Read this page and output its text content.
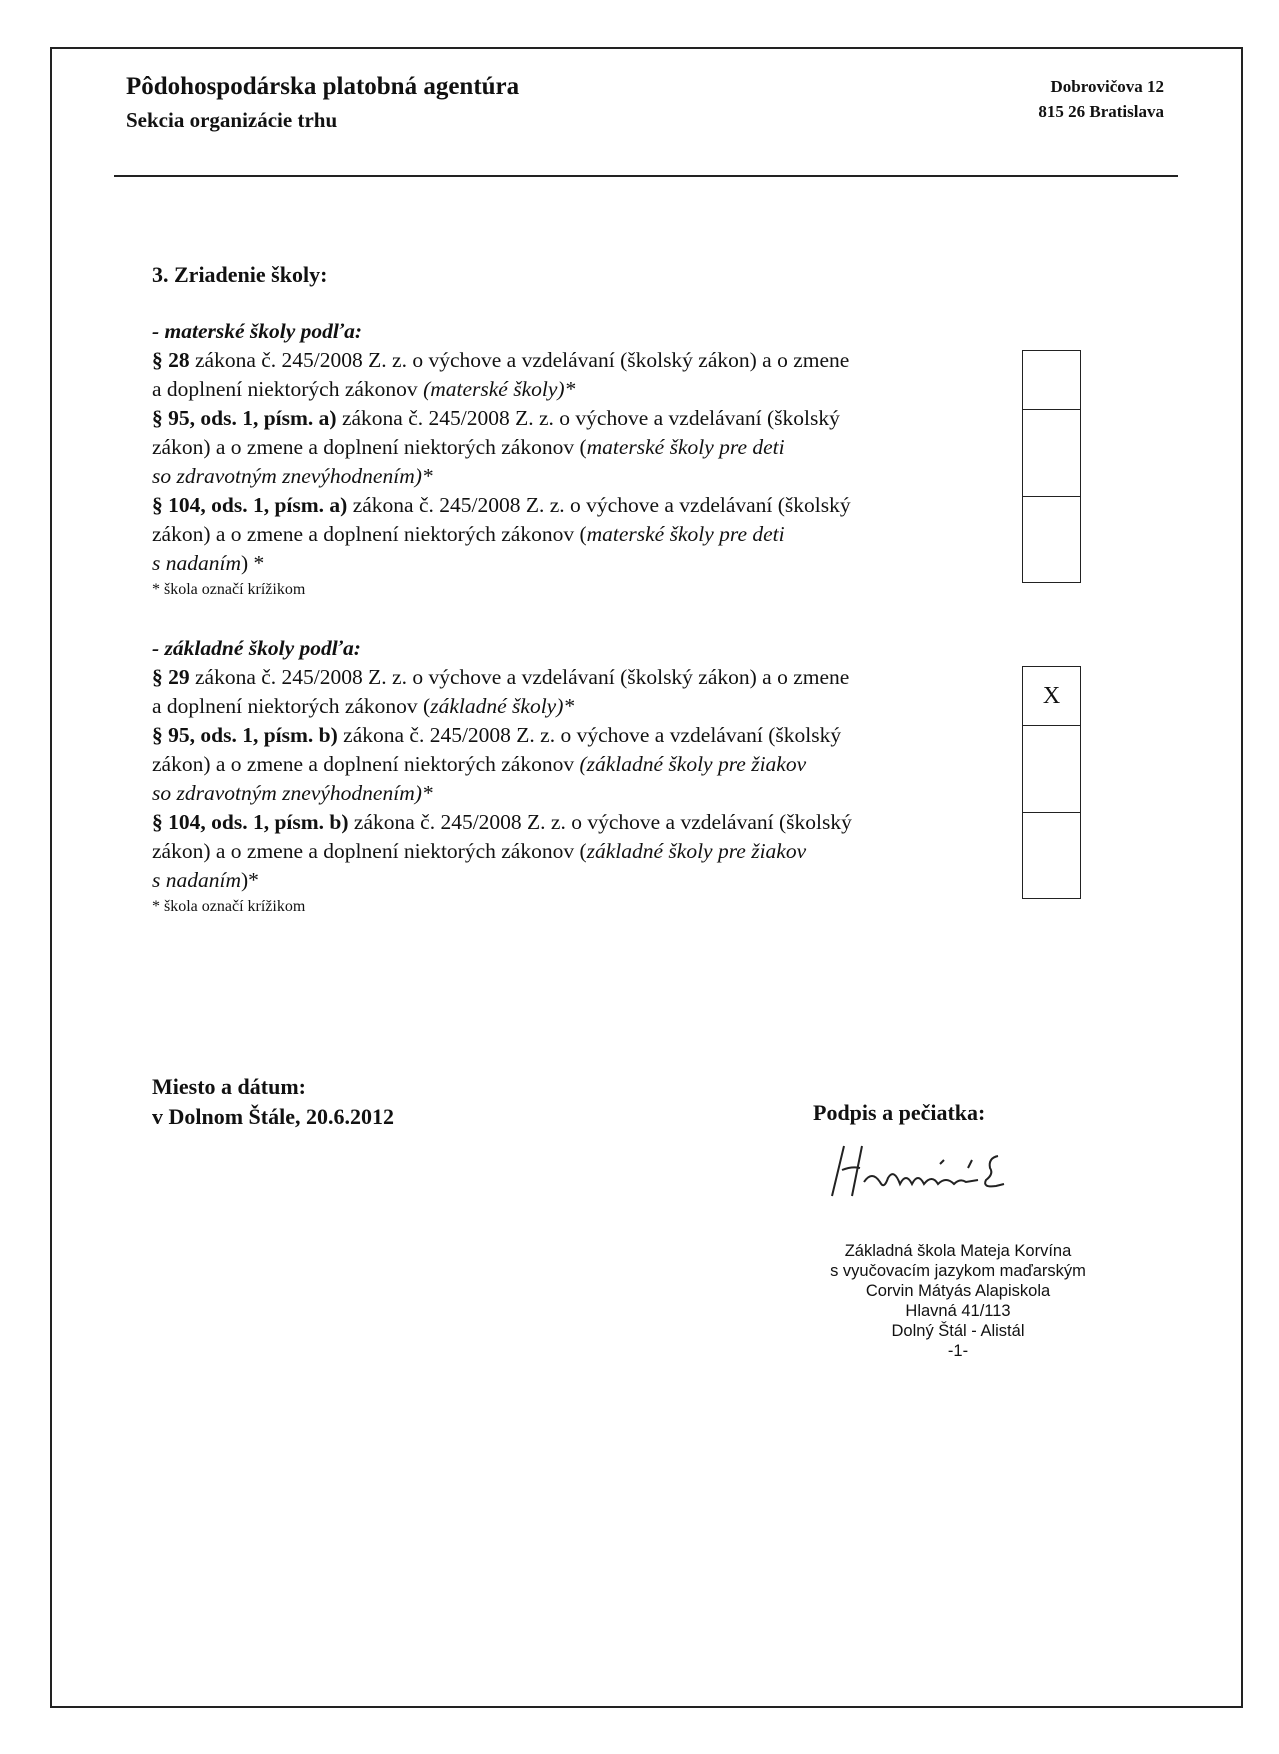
Pôdohospodárska platobná agentúra
Sekcia organizácie trhu
Dobrovičova 12
815 26 Bratislava
3. Zriadenie školy:
- materské školy podľa:
§ 28 zákona č. 245/2008 Z. z. o výchove a vzdelávaní (školský zákon) a o zmene
a doplnení niektorých zákonov (materské školy)*
§ 95, ods. 1, písm. a) zákona č. 245/2008 Z. z. o výchove a vzdelávaní (školský
zákon) a o zmene a doplnení niektorých zákonov (materské školy pre deti
so zdravotným znevýhodnením)*
§ 104, ods. 1, písm. a) zákona č. 245/2008 Z. z. o výchove a vzdelávaní (školský
zákon) a o zmene a doplnení niektorých zákonov (materské školy pre deti
s nadaním) *
* škola označí krížikom
- základné školy podľa:
§ 29 zákona č. 245/2008 Z. z. o výchove a vzdelávaní (školský zákon) a o zmene
a doplnení niektorých zákonov (základné školy)*
§ 95, ods. 1, písm. b) zákona č. 245/2008 Z. z. o výchove a vzdelávaní (školský
zákon) a o zmene a doplnení niektorých zákonov (základné školy pre žiakov
so zdravotným znevýhodnením)*
§ 104, ods. 1, písm. b) zákona č. 245/2008 Z. z. o výchove a vzdelávaní (školský
zákon) a o zmene a doplnení niektorých zákonov (základné školy pre žiakov
s nadaním)*
* škola označí krížikom
X
Miesto a dátum:
v Dolnom Štále, 20.6.2012	Podpis a pečiatka:
Základná škola Mateja Korvína
s vyučovacím jazykom maďarským
Corvin Mátyás Alapiskola
Hlavná 41/113
Dolný Štál - Alistál
-1-
